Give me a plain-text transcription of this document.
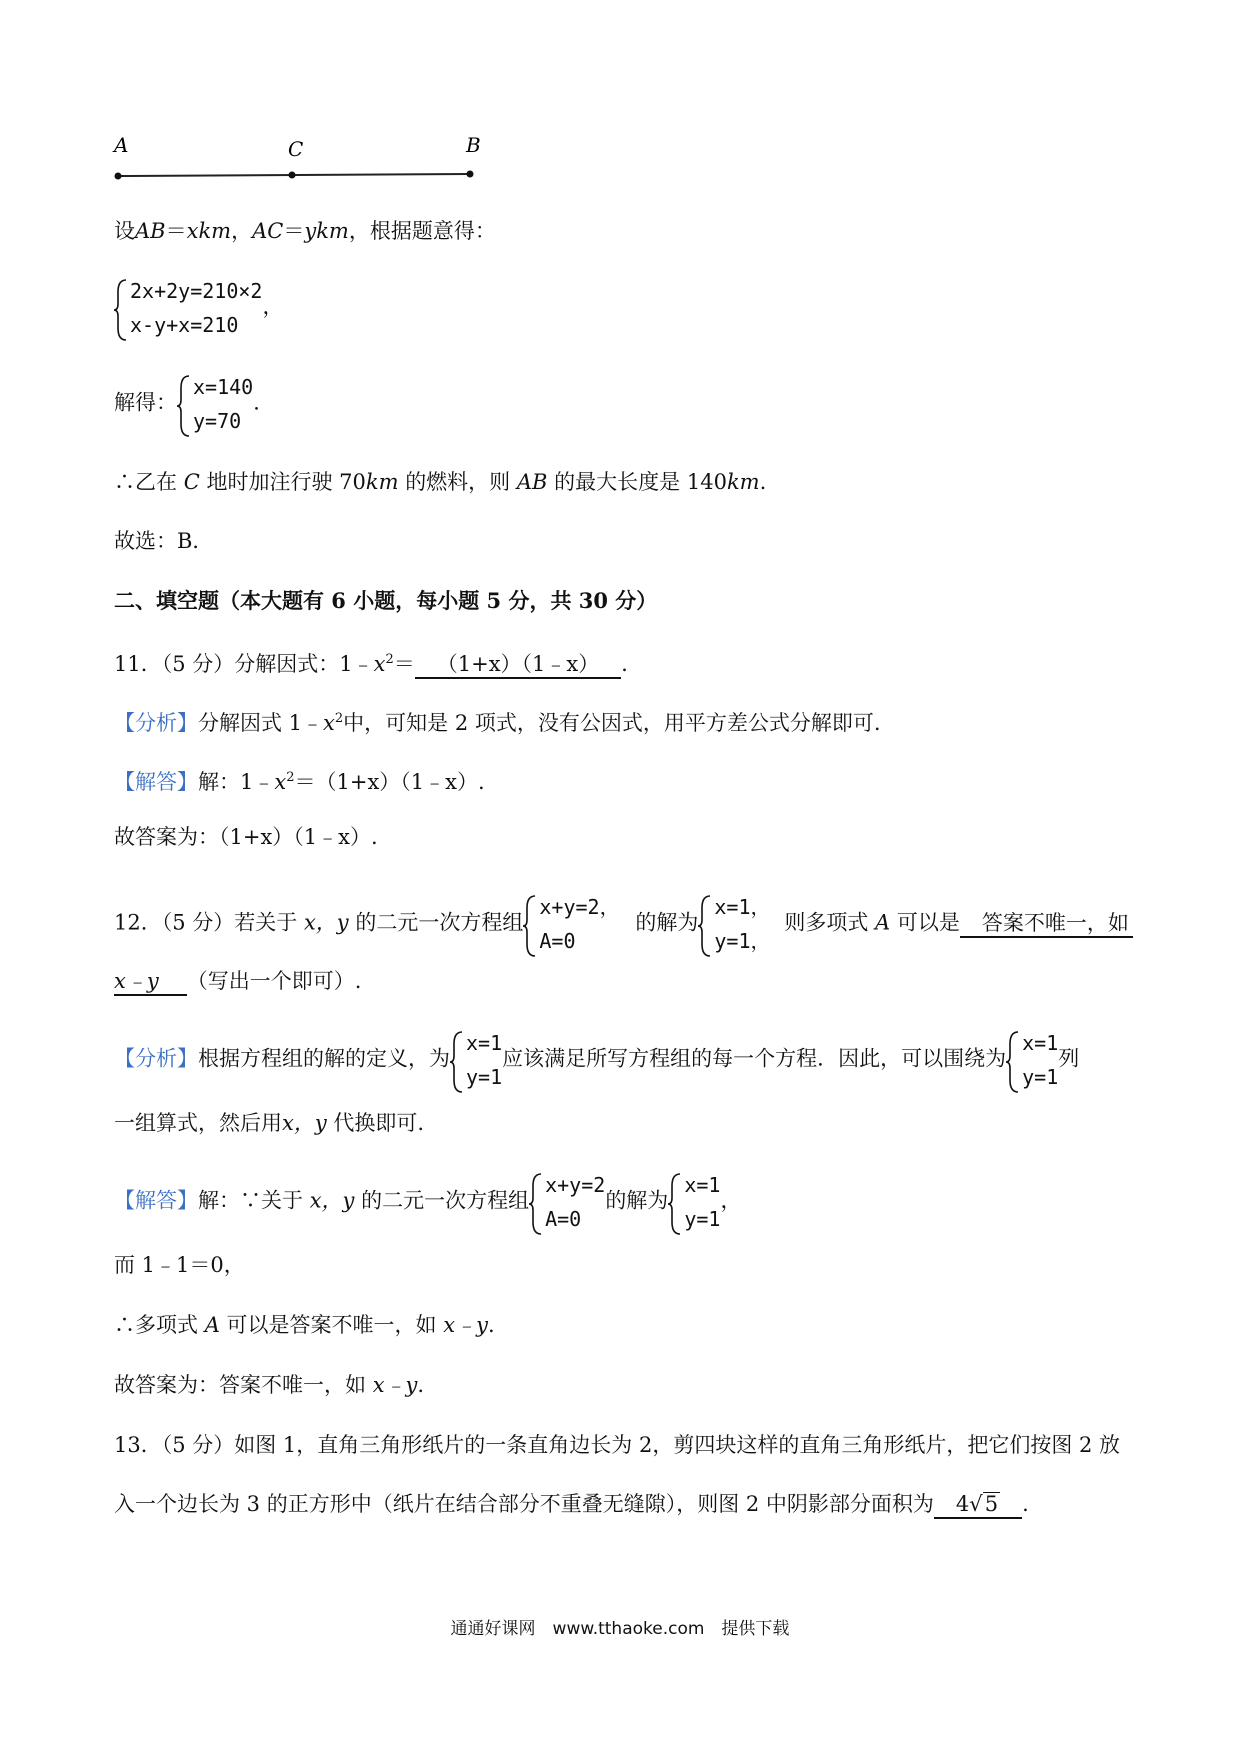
A	C	B
设AB＝xkm，AC＝ykm，根据题意得：
2x+2y=210×2
x-y+x=210
，
解得：
x=140
y=70
．
∴乙在 C 地时加注行驶 70km 的燃料，则 AB 的最大长度是 140km.
故选：B．
二、填空题（本大题有 6 小题，每小题 5 分，共 30 分）
11．（5 分）分解因式：$1﹣x^2=$ （1+x）（1﹣x） ．
【分析】分解因式 $1﹣x^2$中，可知是 2 项式，没有公因式，用平方差公式分解即可.
【解答】解：$1﹣x^2=(1+x)(1﹣x)$.
故答案为：（1+x）（1﹣x）.
12．（5 分）若关于 x，y 的二元一次方程组
x+y=2，
A=0
的解为
x=1，
y=1，
则多项式 A 可以是 答案不唯一，如
x﹣y （写出一个即可）.
【分析】根据方程组的解的定义，为
x=1
y=1
应该满足所写方程组的每一个方程．因此，可以围绕为
x=1
y=1
列
一组算式，然后用x，y 代换即可.
【解答】解：∵关于 x，y 的二元一次方程组
x+y=2
A=0
的解为
x=1
y=1
，
而 1﹣1＝0，
∴多项式 A 可以是答案不唯一，如 x﹣y.
故答案为：答案不唯一，如 x﹣y.
13．（5 分）如图 1，直角三角形纸片的一条直角边长为 2，剪四块这样的直角三角形纸片，把它们按图 2 放
入一个边长为 3 的正方形中（纸片在结合部分不重叠无缝隙），则图 2 中阴影部分面积为 4√5 .
通通好课网　www.tthaoke.com　提供下载
